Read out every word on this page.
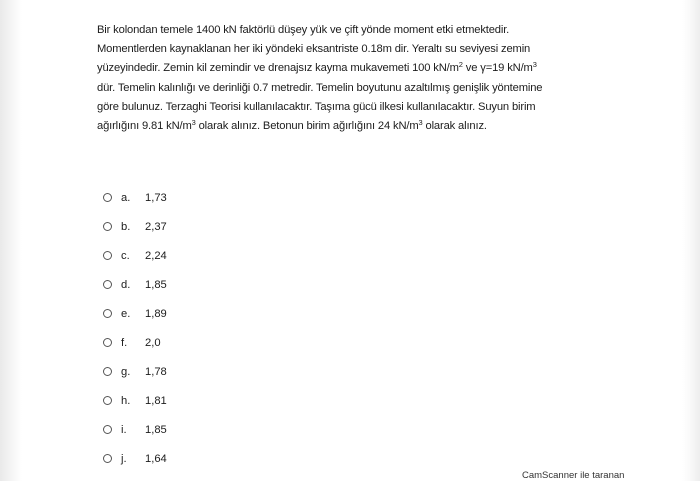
Bir kolondan temele 1400 kN faktörlü düşey yük ve çift yönde moment etki etmektedir.

Momentlerden kaynaklanan her iki yöndeki eksantriste 0.18m dir. Yeraltı su seviyesi zemin

yüzeyindedir. Zemin kil zemindir ve drenajsız kayma mukavemeti 100 $kN/m^2$ ve γ=19 $kN/m^3$

dür. Temelin kalınlığı ve derinliği 0.7 metredir. Temelin boyutunu azaltılmış genişlik yöntemine

göre bulunuz. Terzaghi Teorisi kullanılacaktır. Taşıma gücü ilkesi kullanılacaktır. Suyun birim

ağırlığını 9.81 $kN/m^3$ olarak alınız. Betonun birim ağırlığını 24 $kN/m^3$ olarak alınız.

a.	1,73
b.	2,37
c.	2,24
d.	1,85
e.	1,89
f.	2,0
g.	1,78
h.	1,81
i.	1,85
j.	1,64
CamScanner ile taranan
